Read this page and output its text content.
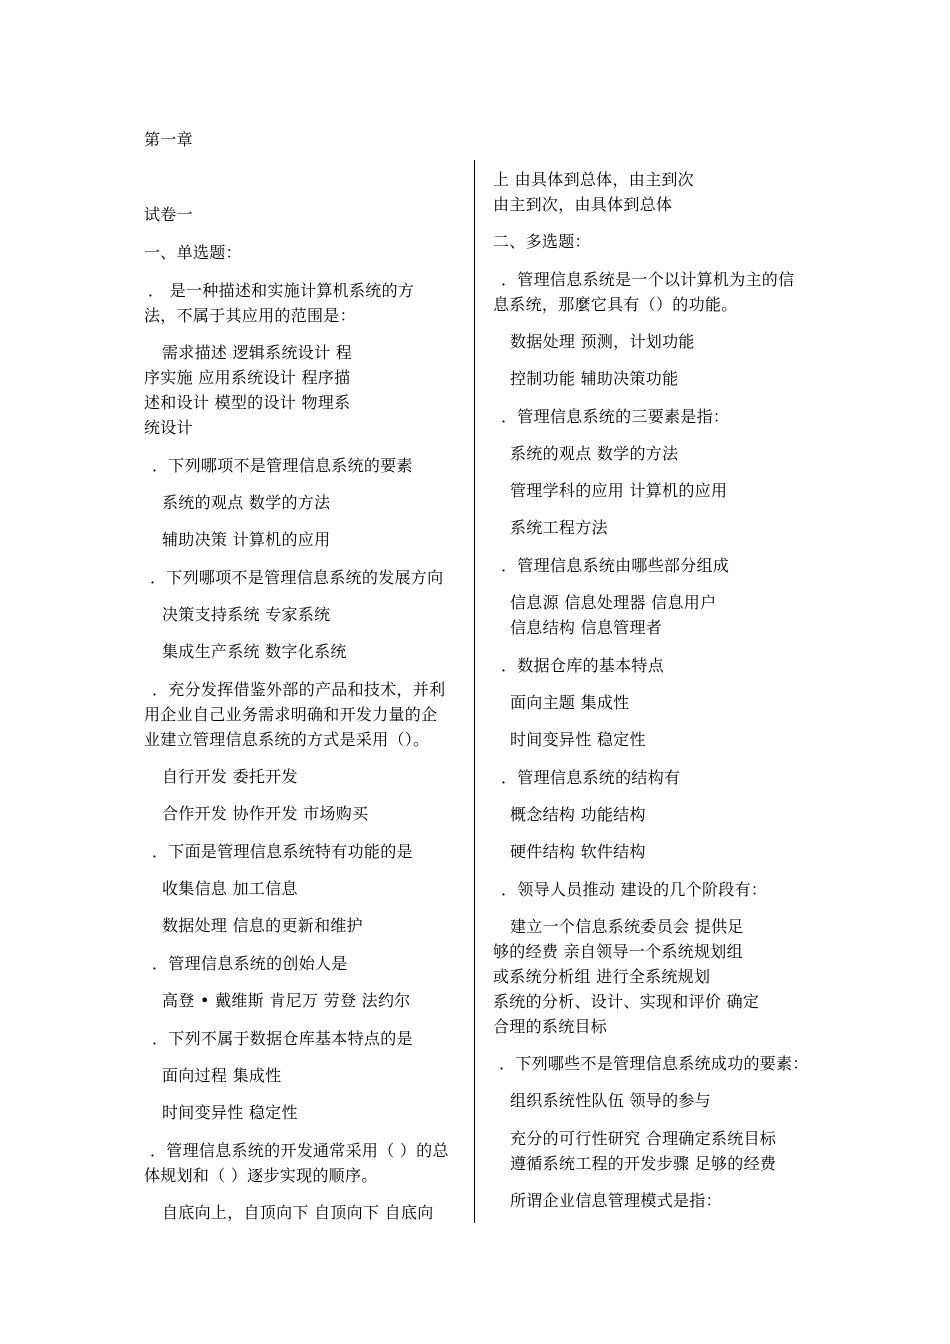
第一章
试卷一
一、单选题：
． 是一种描述和实施计算机系统的方
法，不属于其应用的范围是：
需求描述 逻辑系统设计 程
序实施 应用系统设计 程序描
述和设计 模型的设计 物理系
统设计
．下列哪项不是管理信息系统的要素
系统的观点 数学的方法
辅助决策 计算机的应用
．下列哪项不是管理信息系统的发展方向
决策支持系统 专家系统
集成生产系统 数字化系统
．充分发挥借鉴外部的产品和技术，并利
用企业自己业务需求明确和开发力量的企
业建立管理信息系统的方式是采用（）。
自行开发 委托开发
合作开发 协作开发 市场购买
．下面是管理信息系统特有功能的是
收集信息 加工信息
数据处理 信息的更新和维护
．管理信息系统的创始人是
高登 • 戴维斯 肯尼万 劳登 法约尔
．下列不属于数据仓库基本特点的是
面向过程 集成性
时间变异性 稳定性
．管理信息系统的开发通常采用（ ）的总
体规划和（ ）逐步实现的顺序。
自底向上，自顶向下 自顶向下 自底向
上 由具体到总体，由主到次
由主到次，由具体到总体
二、多选题：
．管理信息系统是一个以计算机为主的信
息系统，那麼它具有（）的功能。
数据处理 预测，计划功能
控制功能 辅助决策功能
．管理信息系统的三要素是指：
系统的观点 数学的方法
管理学科的应用 计算机的应用
系统工程方法
．管理信息系统由哪些部分组成
信息源 信息处理器 信息用户
信息结构 信息管理者
．数据仓库的基本特点
面向主题 集成性
时间变异性 稳定性
．管理信息系统的结构有
概念结构 功能结构
硬件结构 软件结构
．领导人员推动 建设的几个阶段有：
建立一个信息系统委员会 提供足
够的经费 亲自领导一个系统规划组
或系统分析组 进行全系统规划
系统的分析、设计、实现和评价 确定
合理的系统目标
．下列哪些不是管理信息系统成功的要素：
组织系统性队伍 领导的参与
充分的可行性研究 合理确定系统目标
遵循系统工程的开发步骤 足够的经费
所谓企业信息管理模式是指：
